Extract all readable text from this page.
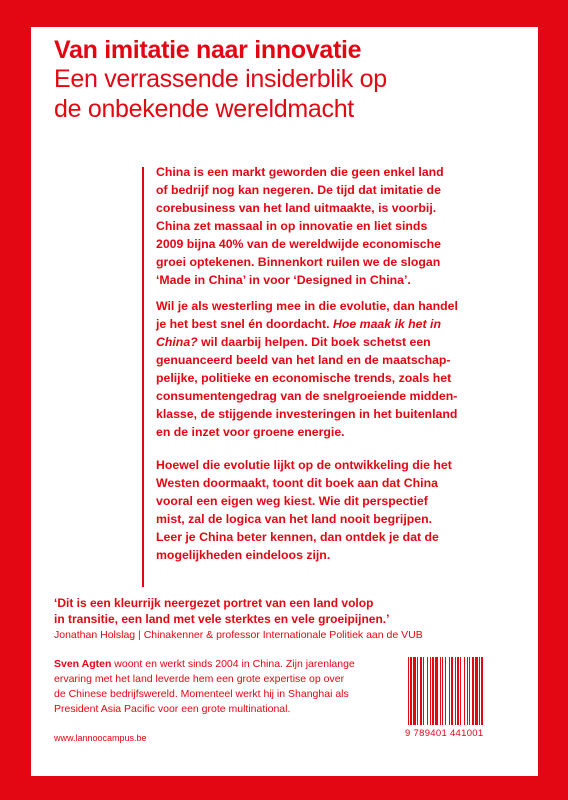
Van imitatie naar innovatie
Een verrassende insiderblik op
de onbekende wereldmacht
China is een markt geworden die geen enkel land
of bedrijf nog kan negeren. De tijd dat imitatie de
corebusiness van het land uitmaakte, is voorbij.
China zet massaal in op innovatie en liet sinds
2009 bijna 40% van de wereldwijde economische
groei optekenen. Binnenkort ruilen we de slogan
‘Made in China’ in voor ‘Designed in China’.
Wil je als westerling mee in die evolutie, dan handel
je het best snel én doordacht. Hoe maak ik het in
China? wil daarbij helpen. Dit boek schetst een
genuanceerd beeld van het land en de maatschap-
pelijke, politieke en economische trends, zoals het
consumentengedrag van de snelgroeiende midden-
klasse, de stijgende investeringen in het buitenland
en de inzet voor groene energie.
Hoewel die evolutie lijkt op de ontwikkeling die het
Westen doormaakt, toont dit boek aan dat China
vooral een eigen weg kiest. Wie dit perspectief
mist, zal de logica van het land nooit begrijpen.
Leer je China beter kennen, dan ontdek je dat de
mogelijkheden eindeloos zijn.
‘Dit is een kleurrijk neergezet portret van een land volop
in transitie, een land met vele sterktes en vele groeipijnen.’
Jonathan Holslag | Chinakenner & professor Internationale Politiek aan de VUB
Sven Agten woont en werkt sinds 2004 in China. Zijn jarenlange
ervaring met het land leverde hem een grote expertise op over
de Chinese bedrijfswereld. Momenteel werkt hij in Shanghai als
President Asia Pacific voor een grote multinational.
www.lannoocampus.be	9 789401 441001
